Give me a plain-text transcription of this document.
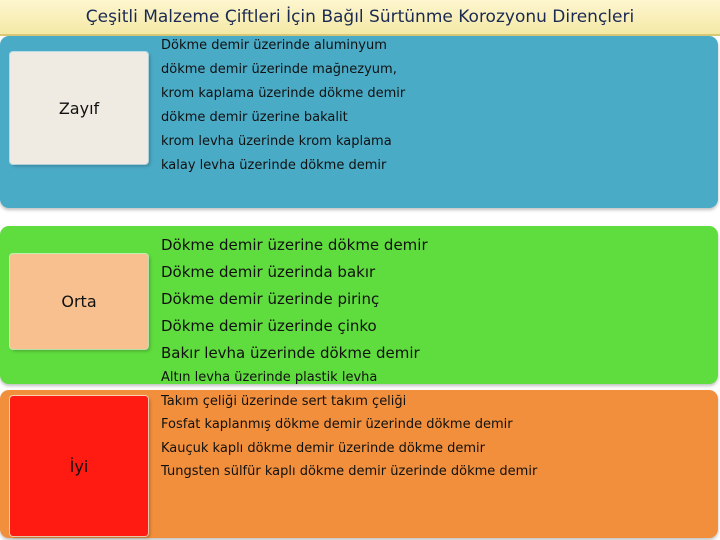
Çeşitli Malzeme Çiftleri İçin Bağıl Sürtünme Korozyonu Dirençleri
Zayıf
Orta
İyi
Dökme demir üzerinde aluminyum
dökme demir üzerinde mağnezyum,
krom kaplama üzerinde dökme demir
dökme demir üzerine bakalit
krom levha üzerinde krom kaplama
kalay levha üzerinde dökme demir
Dökme demir üzerine dökme demir
Dökme demir üzerinda bakır
Dökme demir üzerinde pirinç
Dökme demir üzerinde çinko
Bakır levha üzerinde dökme demir
Altın levha üzerinde plastik levha
Takım çeliği üzerinde sert takım çeliği
Fosfat kaplanmış dökme demir üzerinde dökme demir
Kauçuk kaplı dökme demir üzerinde dökme demir
Tungsten sülfür kaplı dökme demir üzerinde dökme demir
